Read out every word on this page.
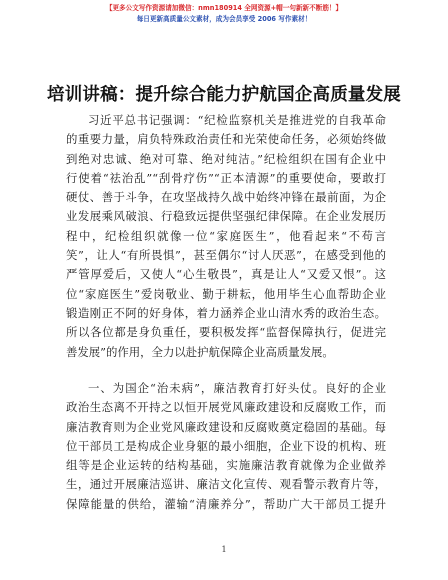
【更多公文写作资源请加微信：nmn180914 全网资源+帽一句新新不断筋！】
每日更新高质量公文素材，成为会员享受 2006 写作素材！
培训讲稿：提升综合能力护航国企高质量发展
习近平总书记强调：“纪检监察机关是推进党的自我革命
的重要力量，肩负特殊政治责任和光荣使命任务，必须始终做
到绝对忠诚、绝对可靠、绝对纯洁。”纪检组织在国有企业中
行使着“祛治乱”“刮骨疗伤”“正本清源”的重要使命，要敢打
硬仗、善于斗争，在攻坚战持久战中始终冲锋在最前面，为企
业发展乘风破浪、行稳致远提供坚强纪律保障。在企业发展历
程中，纪检组织就像一位“家庭医生”，他看起来“不苟言
笑”，让人“有所畏惧”，甚至偶尔“讨人厌恶”，在感受到他的
严管厚爱后，又使人“心生敬畏”，真是让人“又爱又恨”。这
位“家庭医生”爱岗敬业、勤于耕耘，他用毕生心血帮助企业
锻造刚正不阿的好身体，着力涵养企业山清水秀的政治生态。
所以各位都是身负重任，要积极发挥“监督保障执行，促进完
善发展”的作用，全力以赴护航保障企业高质量发展。
一、为国企“治未病”，廉洁教育打好头仗。良好的企业
政治生态离不开持之以恒开展党风廉政建设和反腐败工作，而
廉洁教育则为企业党风廉政建设和反腐败奠定稳固的基础。每
位干部员工是构成企业身躯的最小细胞，企业下设的机构、班
组等是企业运转的结构基础，实施廉洁教育就像为企业做养
生，通过开展廉洁巡讲、廉洁文化宣传、观看警示教育片等，
保障能量的供给，灌输“清廉养分”，帮助广大干部员工提升
1
